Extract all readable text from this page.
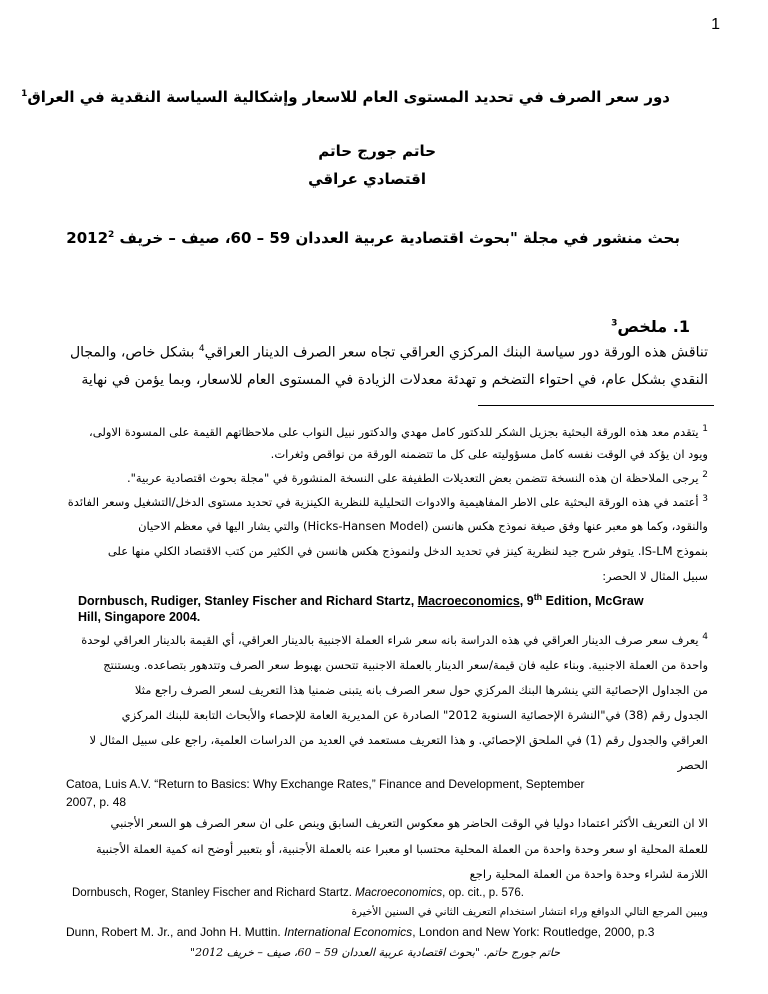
1
دور سعر الصرف في تحديد المستوى العام للاسعار وإشكالية السياسة النقدية في العراق$^1$
حاتم جورج حاتم
اقتصادي عراقي
بحث منشور في مجلة "بحوث اقتصادية عربية العددان 59 – 60، صيف – خريف 2012$^2$
1. ملخص$^3$
تناقش هذه الورقة دور سياسة البنك المركزي العراقي تجاه سعر الصرف الدينار العراقي$^4$ بشكل خاص، والمجال
النقدي بشكل عام، في احتواء التضخم و تهدئة معدلات الزيادة في المستوى العام للاسعار، وبما يؤمن في نهاية
$^1$ يتقدم معد هذه الورقة البحثية بجزيل الشكر للدكتور كامل مهدي والدكتور نبيل النواب على ملاحظاتهم القيمة على المسودة الاولى،
ويود ان يؤكد في الوقت نفسه كامل مسؤوليته على كل ما تتضمنه الورقة من نواقص وثغرات.
$^2$ يرجى الملاحظة ان هذه النسخة تتضمن بعض التعديلات الطفيفة على النسخة المنشورة في "مجلة بحوث اقتصادية عربية".
$^3$ أعتمد في هذه الورقة البحثية على الاطر المفاهيمية والادوات التحليلية للنظرية الكينزية في تحديد مستوى الدخل/التشغيل وسعر الفائدة
والنقود، وكما هو معبر عنها وفق صيغة نموذج هكس هانسن (Hicks-Hansen Model) والتي يشار اليها في معظم الاحيان
بنموذج IS-LM. يتوفر شرح جيد لنظرية كينز في تحديد الدخل ولنموذج هكس هانسن في الكثير من كتب الاقتصاد الكلي منها على
سبيل المثال لا الحصر:
Dornbusch, Rudiger, Stanley Fischer and Richard Startz, Macroeconomics, 9th Edition, McGraw
Hill, Singapore 2004.
$^4$ يعرف سعر صرف الدينار العراقي في هذه الدراسة بانه سعر شراء العملة الاجنبية بالدينار العراقي، أي القيمة بالدينار العراقي لوحدة
واحدة من العملة الاجنبية. وبناء عليه فان قيمة/سعر الدينار بالعملة الاجنبية تتحسن بهبوط سعر الصرف وتتدهور بتصاعده. ويستنتج
من الجداول الإحصائية التي ينشرها البنك المركزي حول سعر الصرف بانه يتبنى ضمنيا هذا التعريف لسعر الصرف راجع مثلا
الجدول رقم (38) في"النشرة الإحصائية السنوية 2012" الصادرة عن المديرية العامة للإحصاء والأبحاث التابعة للبنك المركزي
العراقي والجدول رقم (1) في الملحق الإحصائي. و هذا التعريف مستعمد في العديد من الدراسات العلمية، راجع على سبيل المثال لا
الحصر
Catoa, Luis A.V. “Return to Basics: Why Exchange Rates,” Finance and Development, September
2007, p. 48
الا ان التعريف الأكثر اعتمادا دوليا في الوقت الحاضر هو معكوس التعريف السابق وينص على ان سعر الصرف هو السعر الأجنبي
للعملة المحلية او سعر وحدة واحدة من العملة المحلية محتسبا او معبرا عنه بالعملة الأجنبية، أو بتعبير أوضح انه كمية العملة الأجنبية
اللازمة لشراء وحدة واحدة من العملة المحلية راجع
Dornbusch, Roger, Stanley Fischer and Richard Startz. Macroeconomics, op. cit., p. 576.
ويبين المرجع التالي الدوافع وراء انتشار استخدام التعريف الثاني في السنين الأخيرة
Dunn, Robert M. Jr., and John H. Muttin. International Economics, London and New York: Routledge, 2000, p.3
حاتم جورج حاتم. "بحوث اقتصادية عربية العددان 59 – 60، صيف – خريف 2012"
